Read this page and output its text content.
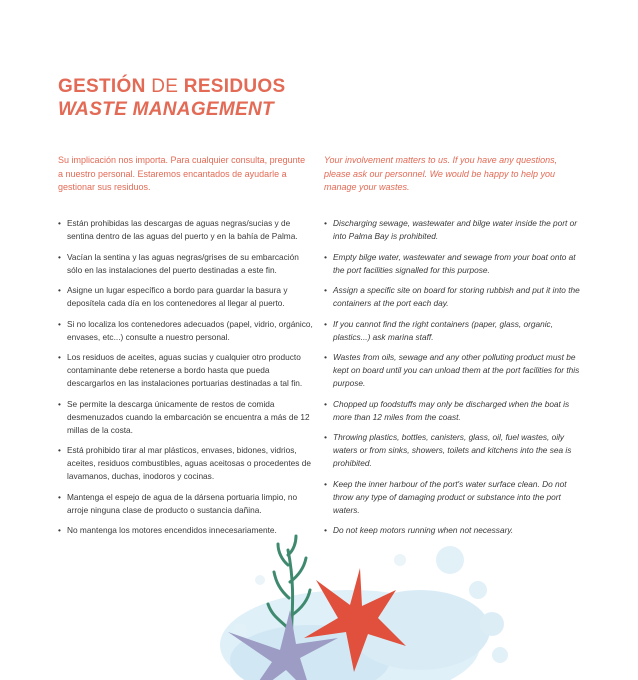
GESTIÓN DE RESIDUOS
WASTE MANAGEMENT

Su implicación nos importa. Para cualquier consulta, pregunte a nuestro personal. Estaremos encantados de ayudarle a gestionar sus residuos.

Your involvement matters to us. If you have any questions, please ask our personnel. We would be happy to help you manage your wastes.

• Están prohibidas las descargas de aguas negras/sucias y de sentina dentro de las aguas del puerto y en la bahía de Palma.
• Vacían la sentina y las aguas negras/grises de su embarcación sólo en las instalaciones del puerto destinadas a este fin.
• Asigne un lugar específico a bordo para guardar la basura y deposítela cada día en los contenedores al llegar al puerto.
• Si no localiza los contenedores adecuados (papel, vidrio, orgánico, envases, etc...) consulte a nuestro personal.
• Los residuos de aceites, aguas sucias y cualquier otro producto contaminante debe retenerse a bordo hasta que pueda descargarlos en las instalaciones portuarias destinadas a tal fin.
• Se permite la descarga únicamente de restos de comida desmenuzados cuando la embarcación se encuentra a más de 12 millas de la costa.
• Está prohibido tirar al mar plásticos, envases, bidones, vidrios, aceites, residuos combustibles, aguas aceitosas o procedentes de lavamanos, duchas, inodoros y cocinas.
• Mantenga el espejo de agua de la dársena portuaria limpio, no arroje ninguna clase de producto o sustancia dañina.
• No mantenga los motores encendidos innecesariamente.
• Discharging sewage, wastewater and bilge water inside the port or into Palma Bay is prohibited.
• Empty bilge water, wastewater and sewage from your boat onto at the port facilities signalled for this purpose.
• Assign a specific site on board for storing rubbish and put it into the containers at the port each day.
• If you cannot find the right containers (paper, glass, organic, plastics...) ask marina staff.
• Wastes from oils, sewage and any other polluting product must be kept on board until you can unload them at the port facilities for this purpose.
• Chopped up foodstuffs may only be discharged when the boat is more than 12 miles from the coast.
• Throwing plastics, bottles, canisters, glass, oil, fuel wastes, oily waters or from sinks, showers, toilets and kitchens into the sea is prohibited.
• Keep the inner harbour of the port's water surface clean. Do not throw any type of damaging product or substance into the port waters.
• Do not keep motors running when not necessary.
